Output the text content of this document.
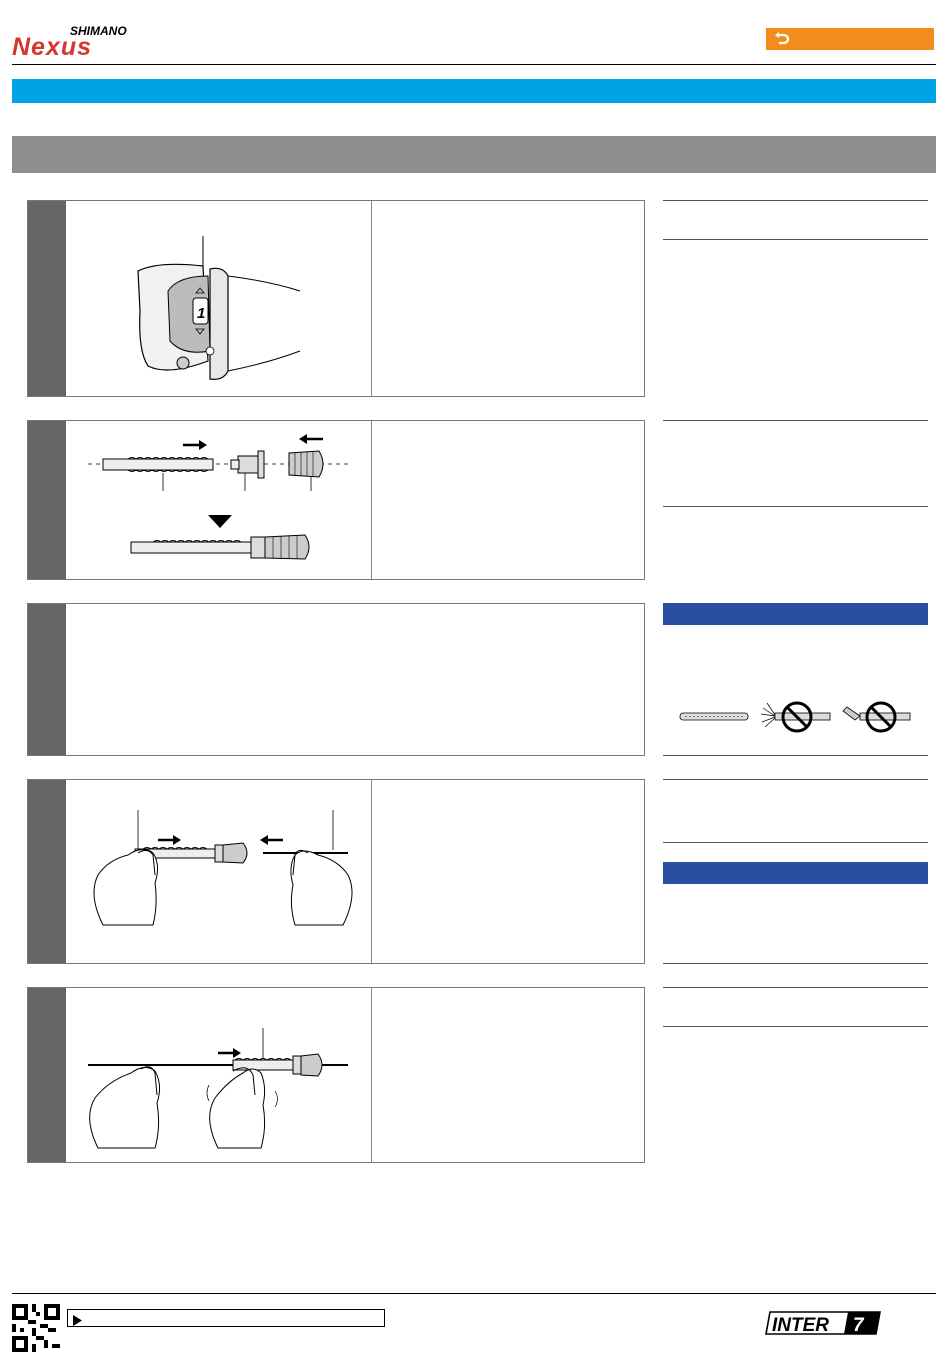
SHIMANO
Nexus
1
INTER 7
